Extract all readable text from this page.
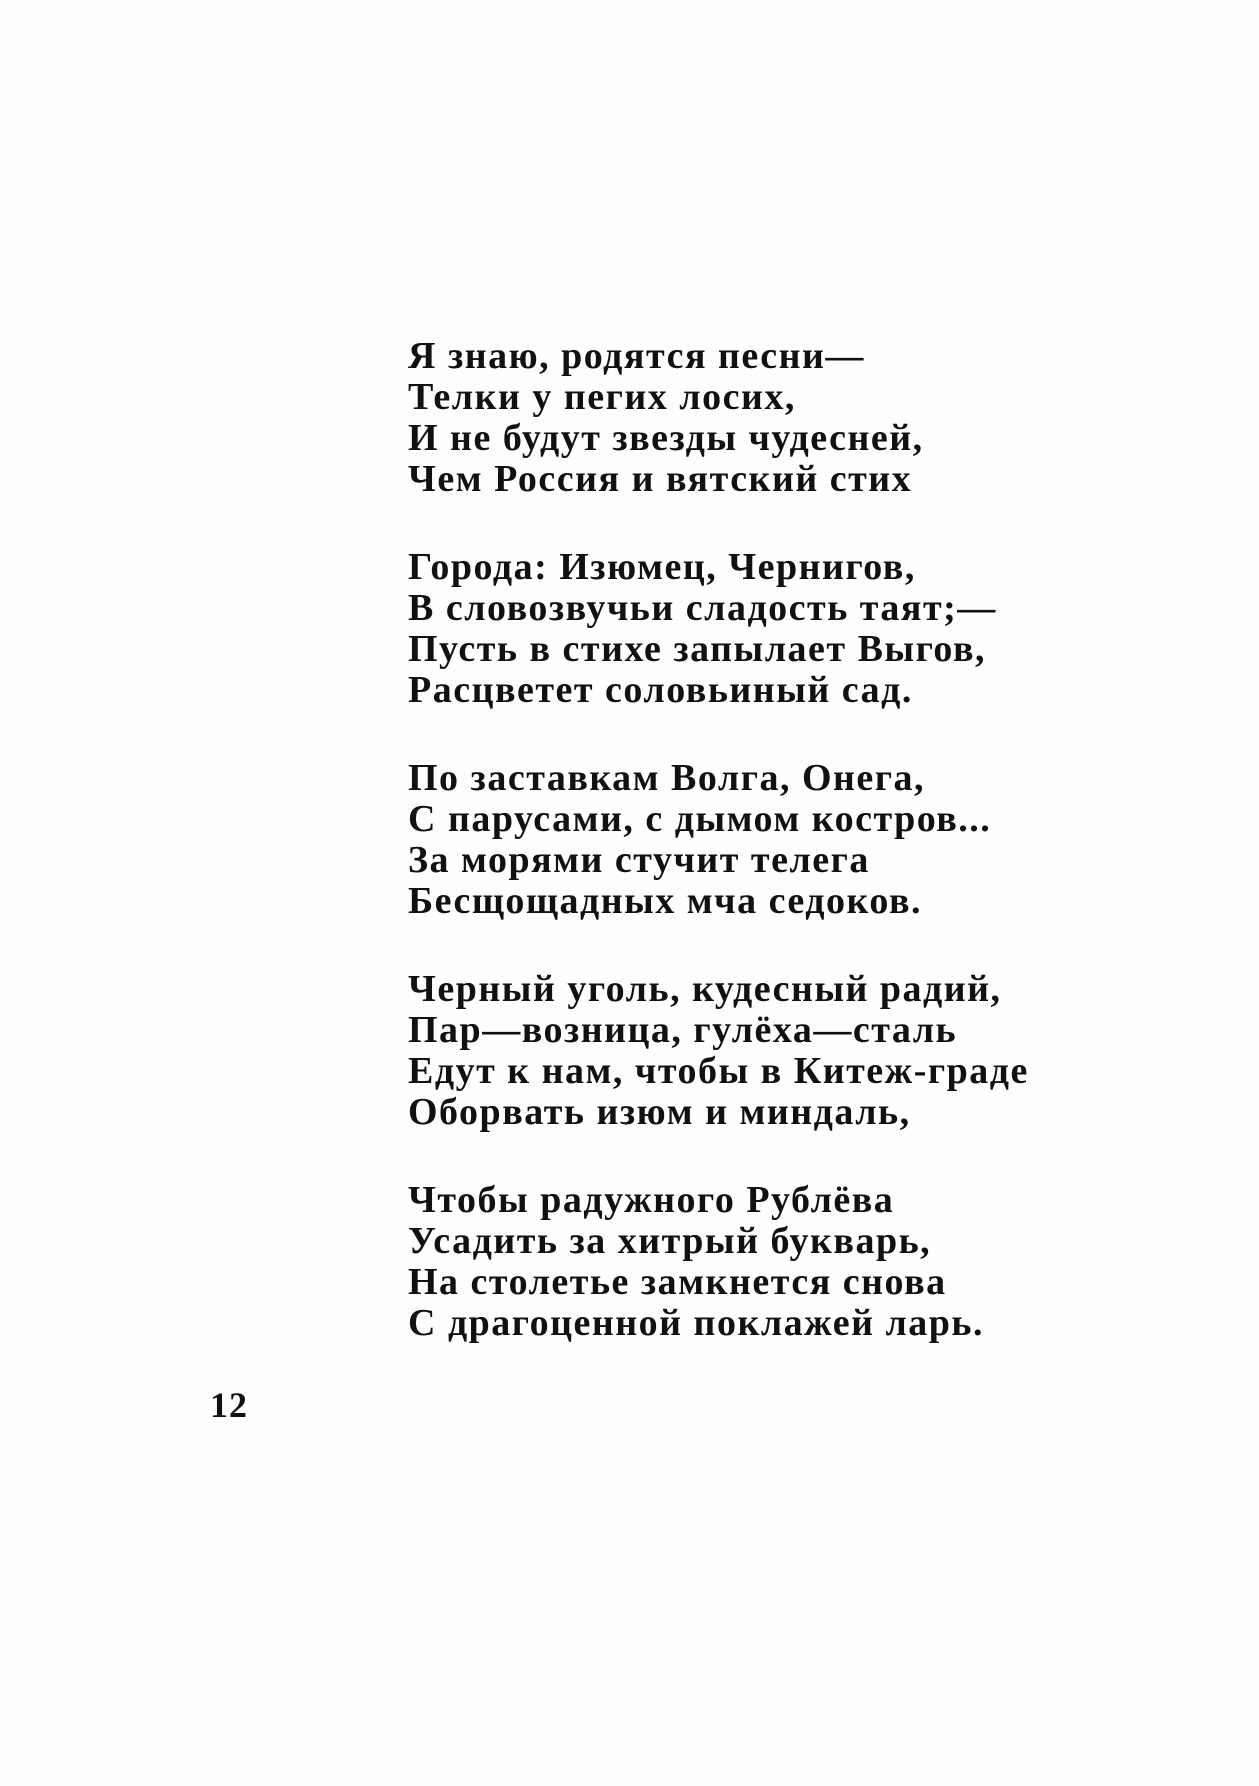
Я знаю, родятся песни—
Телки у пегих лосих,
И не будут звезды чудесней,
Чем Россия и вятский стих
Города: Изюмец, Чернигов,
В словозвучьи сладость таят;—
Пусть в стихе запылает Выгов,
Расцветет соловьиный сад.
По заставкам Волга, Онега,
С парусами, с дымом костров...
За морями стучит телега
Бесщощадных мча седоков.
Черный уголь, кудесный радий,
Пар—возница, гулёха—сталь
Едут к нам, чтобы в Китеж-граде
Оборвать изюм и миндаль,
Чтобы радужного Рублёва
Усадить за хитрый букварь,
На столетье замкнется снова
С драгоценной поклажей ларь.
12
